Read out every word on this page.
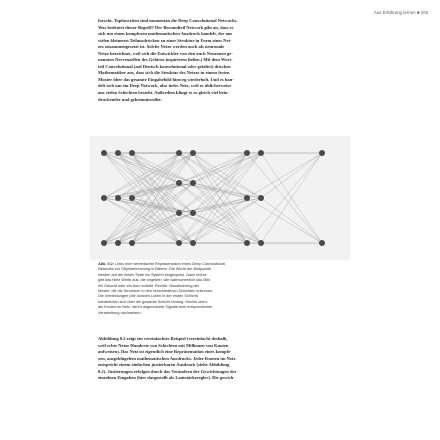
Aus Erfahrung lernen ■ 105

forscht. Topfavoriten sind momentan die Deep Convolutional Networks.
Was bedeutet dieser Begriff? Der Bestandteil Network gibt an, dass es
sich um einen komplexen mathematischen Ausdruck handelt, der aus
vielen kleineren Teilausdrücken zu einer Struktur in Form eines Net-
zes zusammengesetzt ist. Solche Netze werden auch als neuronale
Netze bezeichnet, weil sich die Entwickler von den auch Neuronen ge-
nannten Nervenzellen des Gehirns inspirieren ließen.) Mit dem Wort-
teil Convolutional (auf Deutsch konvolutional oder gefaltet) drücken
Mathematiker aus, dass sich die Struktur des Netzes in einem festen
Muster über das gesamte Eingabebild hinweg wiederholt. Und es han-
delt sich um ein Deep Network, also tiefes Netz, weil es üblicherweise
aus vielen Schichten besteht. Außerdem klingt es so gleich viel bein-
druckender und geheimnisvoller.

Abb. 0.2: Links eine vereinfachte Repräsentation eines Deep Convolutional
Networks zur Objekterkennung in Bildern. Die Werte der Bildpunkte
werden auf der linken Seite ins System eingespeist. Ganz rechts
gibt das Netz Werte aus, die angeben, wie wahrscheinlich das Bild
ein Gesicht oder ein Auto enthält. Rechts: Visualisierung der
Muster, die die Neuronen in den verschiedenen Schichten erkennen.
Die Verbindungen (die dunklen Linien in der ersten Schicht)
wiederholen sich über die gesamte Schicht hinweg. Rechts oben:
die Knoten im Netz, deren angeordnete Signale eine entsprechende
Verarbeitung nachweisen.

Abbildung 0.2 zeigt ein vereinfachtes Beispiel (vereinfacht deshalb,
weil echte Netze Hunderte von Schichten mit Millionen von Knoten
aufweisen). Das Netz ist eigentlich eine Repräsentation eines komple-
xen, ausgeklügelten mathematischen Ausdrucks. Jeder Knoten im Netz
entspricht einem einfachen justierbaren Ausdruck (siehe Abbildung
0.2). Justierungen erfolgen durch das Verändern der Gewichtungen der
einzelnen Eingaben (hier dargestellt als Lautstärkeregler). Die gewich-
